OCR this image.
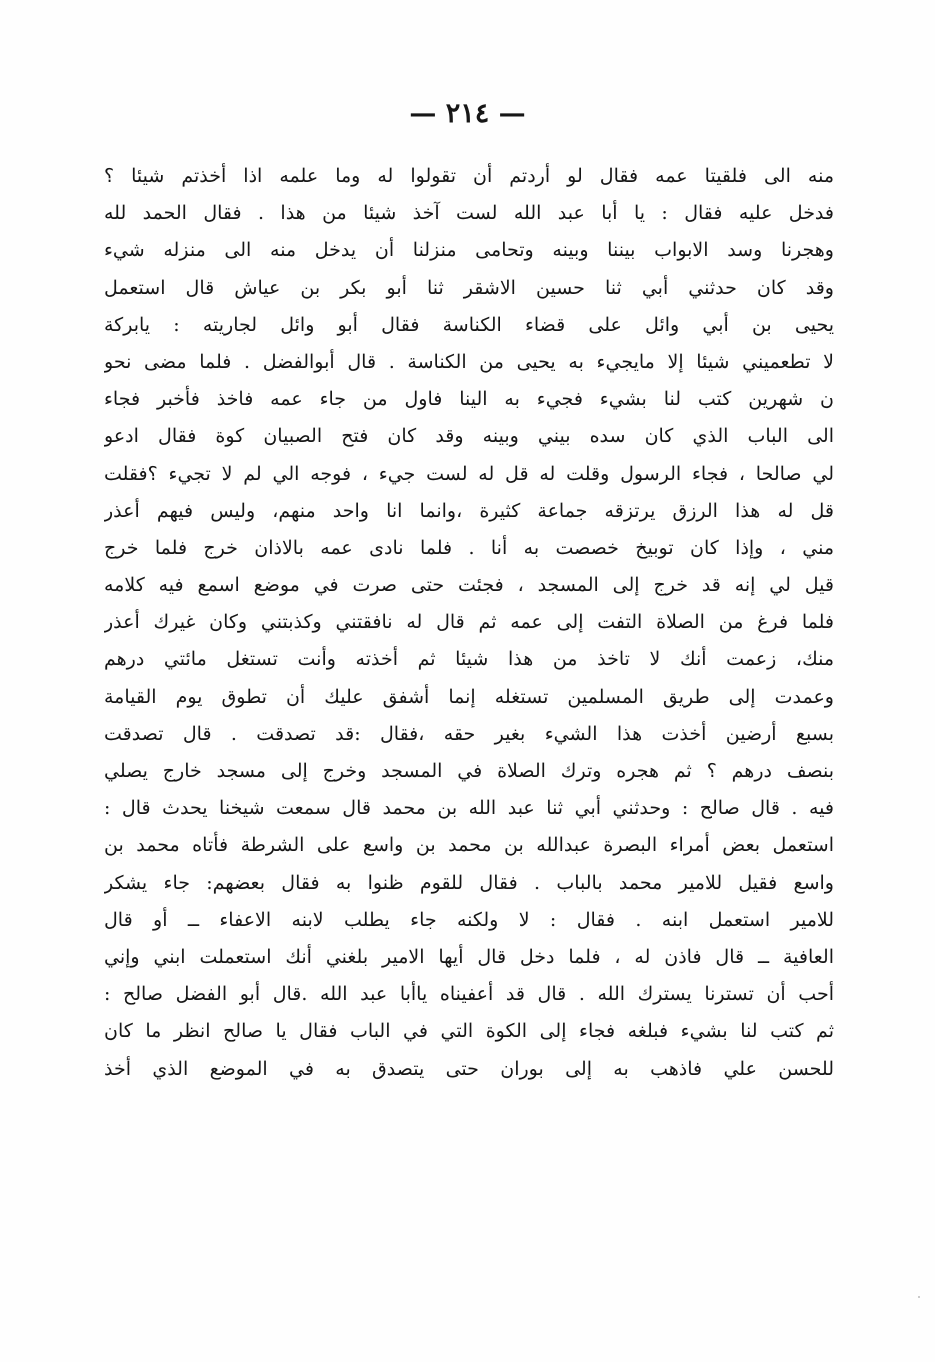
— ٢١٤ —
منه الى فلقيتا عمه فقال لو أردتم أن تقولوا له وما علمه اذا أخذتم شيئا ؟
فدخل عليه فقال : يا أبا عبد الله لست آخذ شيئا من هذا . فقال الحمد لله
وهجرنا وسد الابواب بيننا وبينه وتحامى منزلنا أن يدخل منه الى منزله شيء
وقد كان حدثني أبي ثنا حسين الاشقر ثنا أبو بكر بن عياش قال استعمل
يحيى بن أبي وائل على قضاء الكناسة فقال أبو وائل لجاريته : يابركة
لا تطعميني شيئا إلا مايجيء به يحيى من الكناسة . قال أبوالفضل . فلما مضى نحو
ن شهرين كتب لنا بشيء فجيء به الينا فاول من جاء عمه فاخذ فأخبر فجاء
الى الباب الذي كان سده بيني وبينه وقد كان فتح الصبيان كوة فقال ادعو
لي صالحا ، فجاء الرسول وقلت له قل له لست جيء ، فوجه الي لم لا تجيء ؟فقلت
قل له هذا الرزق يرتزقه جماعة كثيرة ،وانما انا واحد منهم، وليس فيهم أعذر
مني ، وإذا كان توبيخ خصصت به أنا . فلما نادى عمه بالاذان خرج فلما خرج
قيل لي إنه قد خرج إلى المسجد ، فجئت حتى صرت في موضع اسمع فيه كلامه
فلما فرغ من الصلاة التفت إلى عمه ثم قال له نافقتني وكذبتني وكان غيرك أعذر
منك، زعمت أنك لا تاخذ من هذا شيئا ثم أخذته وأنت تستغل مائتي درهم
وعمدت إلى طريق المسلمين تستغله إنما أشفق عليك أن تطوق يوم القيامة
بسبع أرضين أخذت هذا الشيء بغير حقه ،فقال :قد تصدقت . قال تصدقت
بنصف درهم ؟ ثم هجره وترك الصلاة في المسجد وخرج إلى مسجد خارج يصلي
فيه . قال صالح : وحدثني أبي ثنا عبد الله بن محمد قال سمعت شيخنا يحدث قال :
استعمل بعض أمراء البصرة عبدالله بن محمد بن واسع على الشرطة فأتاه محمد بن
واسع فقيل للامير محمد بالباب . فقال للقوم ظنوا به فقال بعضهم: جاء يشكر
للامير استعمل ابنه . فقال : لا ولكنه جاء يطلب لابنه الاعفاء ــ أو قال
العافية ــ قال فاذن له ، فلما دخل قال أيها الامير بلغني أنك استعملت ابني وإني
أحب أن تسترنا يسترك الله . قال قد أعفيناه ياأبا عبد الله .قال أبو الفضل صالح :
ثم كتب لنا بشيء فبلغه فجاء إلى الكوة التي في الباب فقال يا صالح انظر ما كان
للحسن علي فاذهب به إلى بوران حتى يتصدق به في الموضع الذي أخذ
